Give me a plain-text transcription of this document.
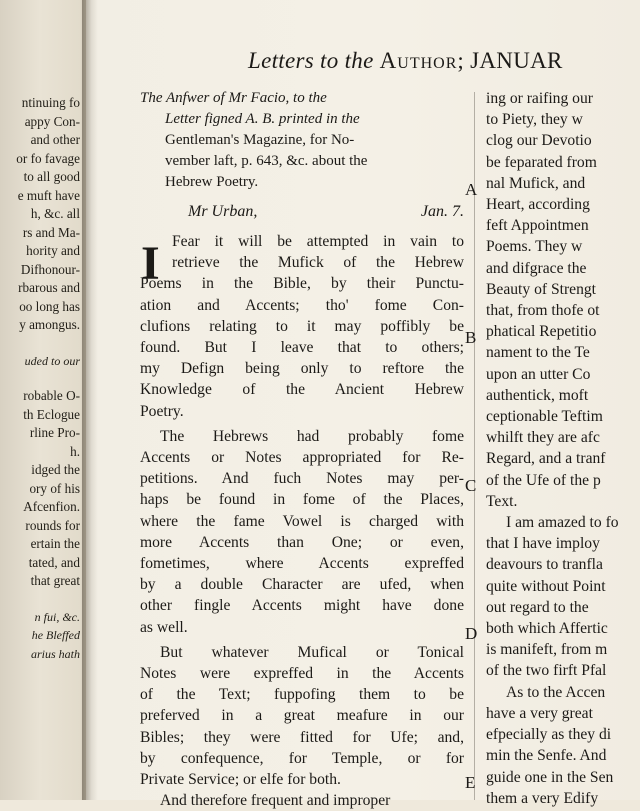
ntinuing fo
appy Con-
and other
or fo favage
to all good
e muft have
h, &c. all
rs and Ma-
hority and
Difhonour-
rbarous and
oo long has
y amongus.
uded to our
robable O-
th Eclogue
rline Pro-
h.
idged the
ory of his
Afcenfion.
rounds for
ertain the
tated, and
that great
n fui, &c.
he Bleffed
arius hath
Letters to the Author; JANUAR
The Anfwer of Mr Facio, to the
Letter figned A. B. printed in the
Gentleman's Magazine, for No-
vember laft, p. 643, &c. about the
Hebrew Poetry.
Mr Urban,	Jan. 7.

Fear it will be attempted in vain to
retrieve the Mufick of the Hebrew
Poems in the Bible, by their Punctu-
ation and Accents; tho' fome Con-
clufions relating to it may poffibly be
found. But I leave that to others;
my Defign being only to reftore the
Knowledge of the Ancient Hebrew
Poetry.

The Hebrews had probably fome
Accents or Notes appropriated for Re-
petitions. And fuch Notes may per-
haps be found in fome of the Places,
where the fame Vowel is charged with
more Accents than One; or even,
fometimes, where Accents expreffed
by a double Character are ufed, when
other fingle Accents might have done
as well.

But whatever Mufical or Tonical
Notes were expreffed in the Accents
of the Text; fuppofing them to be
preferved in a great meafure in our
Bibles; they were fitted for Ufe; and,
by confequence, for Temple, or for
Private Service; or elfe for both.

And therefore frequent and improper

I
A
B
C
D
E
ing or raifing our
to Piety, they w
clog our Devotio
be feparated from
nal Mufick, and
Heart, according
feft Appointmen
Poems. They w
and difgrace the
Beauty of Strengt
that, from thofe ot
phatical Repetitio
nament to the Te
upon an utter Co
authentick, moft
ceptionable Teftim
whilft they are afc
Regard, and a tranf
of the Ufe of the p
Text.
I am amazed to fo
that I have imploy
deavours to tranfla
quite without Point
out regard to the
both which Affertic
is manifeft, from m
of the two firft Pfal
As to the Accen
have a very great
efpecially as they di
min the Senfe. And
guide one in the Sen
them a very Edify
